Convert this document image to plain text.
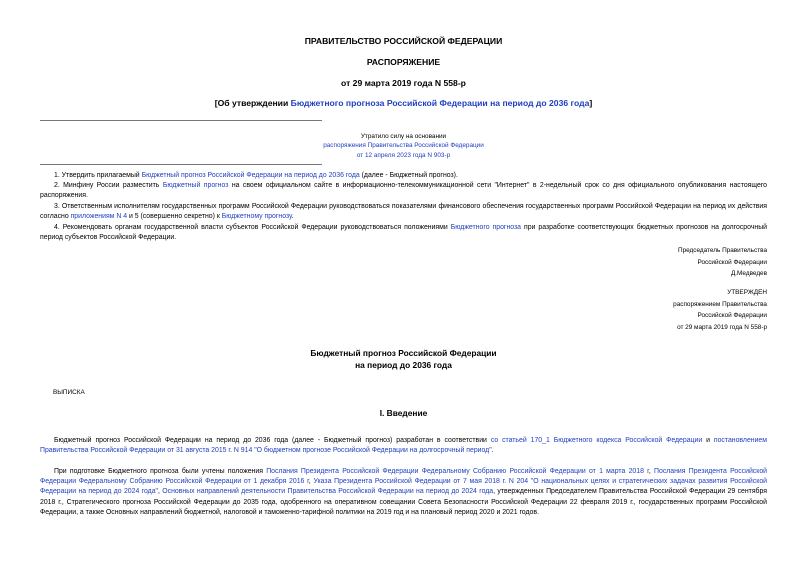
ПРАВИТЕЛЬСТВО РОССИЙСКОЙ ФЕДЕРАЦИИ
РАСПОРЯЖЕНИЕ
от 29 марта 2019 года N 558-р
[Об утверждении Бюджетного прогноза Российской Федерации на период до 2036 года]
Утратило силу на основании
распоряжения Правительства Российской Федерации
от 12 апреля 2023 года N 903-р
1. Утвердить прилагаемый Бюджетный прогноз Российской Федерации на период до 2036 года (далее - Бюджетный прогноз).
2. Минфину России разместить Бюджетный прогноз на своем официальном сайте в информационно-телекоммуникационной сети "Интернет" в 2-недельный срок со дня официального опубликования настоящего распоряжения.
3. Ответственным исполнителям государственных программ Российской Федерации руководствоваться показателями финансового обеспечения государственных программ Российской Федерации на период их действия согласно приложениям N 4 и 5 (совершенно секретно) к Бюджетному прогнозу.
4. Рекомендовать органам государственной власти субъектов Российской Федерации руководствоваться положениями Бюджетного прогноза при разработке соответствующих бюджетных прогнозов на долгосрочный период субъектов Российской Федерации.
Председатель Правительства
Российской Федерации
Д.Медведев
УТВЕРЖДЕН
распоряжением Правительства
Российской Федерации
от 29 марта 2019 года N 558-р
Бюджетный прогноз Российской Федерации
на период до 2036 года
ВЫПИСКА
I. Введение
Бюджетный прогноз Российской Федерации на период до 2036 года (далее - Бюджетный прогноз) разработан в соответствии со статьей 170_1 Бюджетного кодекса Российской Федерации и постановлением Правительства Российской Федерации от 31 августа 2015 г. N 914 "О бюджетном прогнозе Российской Федерации на долгосрочный период".
При подготовке Бюджетного прогноза были учтены положения Послания Президента Российской Федерации Федеральному Собранию Российской Федерации от 1 марта 2018 г, Послания Президента Российской Федерации Федеральному Собранию Российской Федерации от 1 декабря 2016 г, Указа Президента Российской Федерации от 7 мая 2018 г. N 204 "О национальных целях и стратегических задачах развития Российской Федерации на период до 2024 года", Основных направлений деятельности Правительства Российской Федерации на период до 2024 года, утвержденных Председателем Правительства Российской Федерации 29 сентября 2018 г., Стратегического прогноза Российской Федерации до 2035 года, одобренного на оперативном совещании Совета Безопасности Российской Федерации 22 февраля 2019 г., государственных программ Российской Федерации, а также Основных направлений бюджетной, налоговой и таможенно-тарифной политики на 2019 год и на плановый период 2020 и 2021 годов.
